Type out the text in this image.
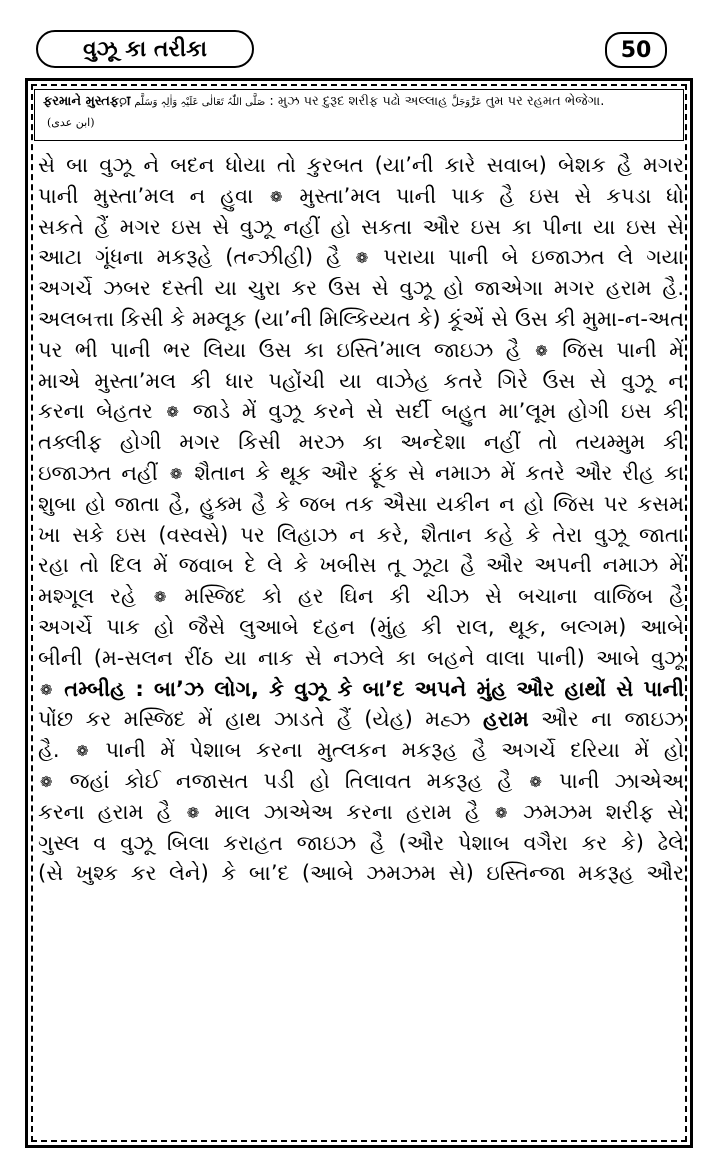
વુઝૂ કા તરીકા	50
ફરમાને મુસ્તફ़ा صَلَّی اللّٰہُ تَعَالٰی عَلَیْہِ وَاٰلِہٖ وَسَلَّم : મુઝ પર દુરૂદ શરીફ પઢો અલ્લાહ عَزَّوَجَلَّ તુમ પર રહમત ભેજેગા.
(ابن عدی)
સે બા વુઝૂ ને બદન ધોયા તો કુરબત (યા’ની કારે સવાબ) બેશક હૈ મગર
પાની મુસ્તા’મલ ન હુવા ❁ મુસ્તા’મલ પાની પાક હૈ ઇસ સે કપડા ધો
સકતે હૈં મગર ઇસ સે વુઝૂ નહીં હો સકતા ઔર ઇસ કા પીના યા ઇસ સે
આટા ગૂંધના મકરૂહે (તન્ઝીહી) હૈ ❁ પરાયા પાની બે ઇજાઝત લે ગયા
અગર્ચે ઝબર દસ્તી યા ચુરા કર ઉસ સે વુઝૂ હો જાએગા મગર હરામ હૈ.
અલબત્તા કિસી કે મમ્લૂક (યા’ની મિલ્કિય્યત કે) કૂંએં સે ઉસ કી મુમા-ન-અત
પર ભી પાની ભર લિયા ઉસ કા ઇસ્તિ’માલ જાઇઝ હૈ ❁ જિસ પાની મેં
માએ મુસ્તા’મલ કી ધાર પહોંચી યા વાઝેહ કતરે ગિરે ઉસ સે વુઝૂ ન
કરના બેહતર ❁ જાડે મેં વુઝૂ કરને સે સર્દી બહુત મા’લૂમ હોગી ઇસ કી
તક્લીફ હોગી મગર કિસી મરઝ કા અન્દેશા નહીં તો તયમ્મુમ કી
ઇજાઝત નહીં ❁ શૈતાન કે થૂક ઔર ફૂંક સે નમાઝ મેં કતરે ઔર રીહ કા
શુબા હો જાતા હૈ, હુક્મ હૈ કે જબ તક ઐસા યકીન ન હો જિસ પર કસમ
ખા સકે ઇસ (વસ્વસે) પર લિહાઝ ન કરે, શૈતાન કહે કે તેરા વુઝૂ જાતા
રહા તો દિલ મેં જવાબ દે લે કે ખબીસ તૂ ઝૂટા હૈ ઔર અપની નમાઝ મેં
મશ્ગૂલ રહે ❁ મસ્જિદ કો હર ઘિન કી ચીઝ સે બચાના વાજિબ હૈ
અગર્ચે પાક હો જૈસે લુઆબે દહન (મુંહ કી રાલ, થૂક, બલ્ગમ) આબે
બીની (મ-સલન રીંઠ યા નાક સે નઝલે કા બહને વાલા પાની) આબે વુઝૂ
❁ તમ્બીહ : બા’ઝ લોગ, કે વુઝૂ કે બા’દ અપને મુંહ ઔર હાથોં સે પાની
પોંછ કર મસ્જિદ મેં હાથ ઝાડતે હૈં (યેહ) મહ્ઝ હરામ ઔર ના જાઇઝ
હૈ. ❁ પાની મેં પેશાબ કરના મુત્લકન મકરૂહ હૈ અગર્ચે દરિયા મેં હો
❁ જહાં કોઈ નજાસત પડી હો તિલાવત મકરૂહ હૈ ❁ પાની ઝાએઅ
કરના હરામ હૈ ❁ માલ ઝાએઅ કરના હરામ હૈ ❁ ઝમઝમ શરીફ સે
ગુસ્લ વ વુઝૂ બિલા કરાહત જાઇઝ હૈ (ઔર પેશાબ વગૈરા કર કે) ઢેલે
(સે ખુશ્ક કર લેને) કે બા’દ (આબે ઝમઝમ સે) ઇસ્તિન્જા મકરૂહ ઔર
